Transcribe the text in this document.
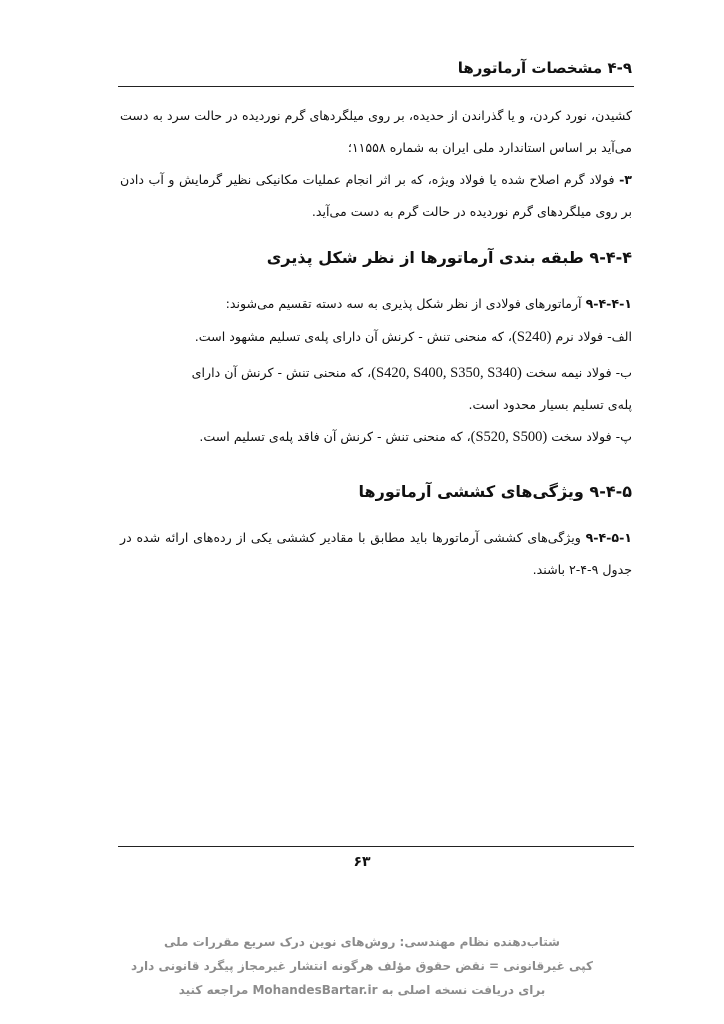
۴-۹ مشخصات آرماتورها

کشیدن، نورد کردن، و یا گذراندن از حدیده، بر روی میلگردهای گرم نوردیده در حالت سرد به دست می‌آید بر اساس استاندارد ملی ایران به شماره ۱۱۵۵۸؛

۳- فولاد گرم اصلاح شده یا فولاد ویژه، که بر اثر انجام عملیات مکانیکی نظیر گرمایش و آب دادن بر روی میلگردهای گرم نوردیده در حالت گرم به دست می‌آید.

۹-۴-۴ طبقه بندی آرماتورها از نظر شکل پذیری

۹-۴-۴-۱ آرماتورهای فولادی از نظر شکل پذیری به سه دسته تقسیم می‌شوند:

الف- فولاد نرم (S240)، که منحنی تنش - کرنش آن دارای پله‌ی تسلیم مشهود است.

ب- فولاد نیمه سخت (S420, S400, S350, S340)، که منحنی تنش - کرنش آن دارای

پله‌ی تسلیم بسیار محدود است.

پ- فولاد سخت (S520, S500)، که منحنی تنش - کرنش آن فاقد پله‌ی تسلیم است.

۹-۴-۵ ویژگی‌های کششی آرماتورها

۹-۴-۵-۱ ویژگی‌های کششی آرماتورها باید مطابق با مقادیر کششی یکی از رده‌های ارائه شده در جدول ۹-۴-۲ باشند.

۶۳
شتاب‌دهنده نظام مهندسی: روش‌های نوین درک سریع مقررات ملی
کپی غیرقانونی = نقض حقوق مؤلف هرگونه انتشار غیرمجاز پیگرد قانونی دارد
برای دریافت نسخه اصلی به MohandesBartar.ir مراجعه کنید
